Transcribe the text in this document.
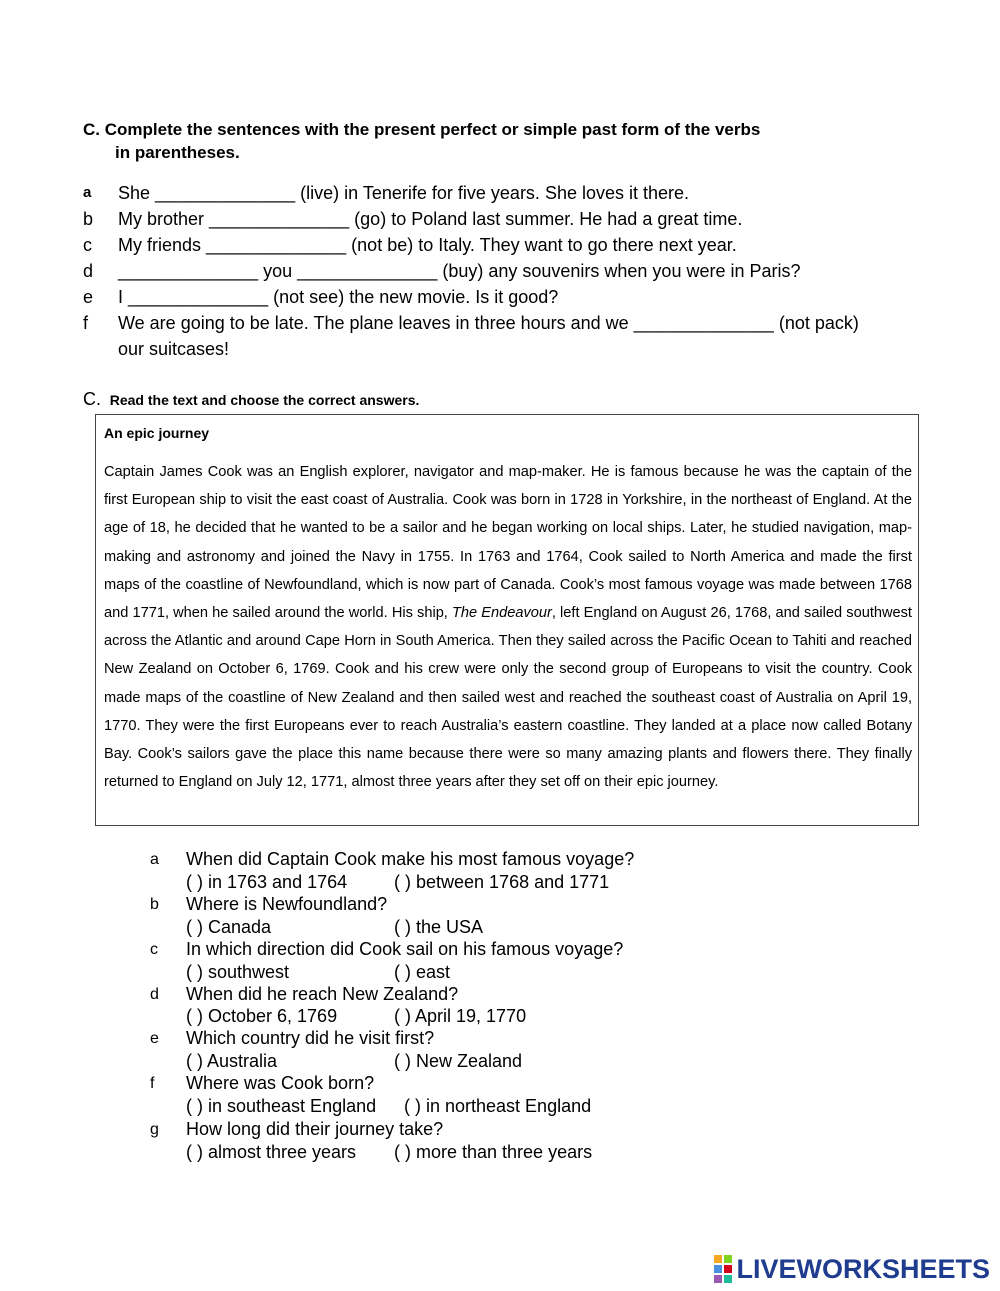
C. Complete the sentences with the present perfect or simple past form of the verbs
in parentheses.
a	She ______________ (live) in Tenerife for five years. She loves it there.
b	My brother ______________ (go) to Poland last summer. He had a great time.
c	My friends ______________ (not be) to Italy. They want to go there next year.
d	______________ you ______________ (buy) any souvenirs when you were in Paris?
e	I ______________ (not see) the new movie. Is it good?
f	We are going to be late. The plane leaves in three hours and we ______________ (not pack) our suitcases!
C. Read the text and choose the correct answers.
An epic journey
Captain James Cook was an English explorer, navigator and map-maker. He is famous because he was the captain of the first European ship to visit the east coast of Australia. Cook was born in 1728 in Yorkshire, in the northeast of England. At the age of 18, he decided that he wanted to be a sailor and he began working on local ships. Later, he studied navigation, map-making and astronomy and joined the Navy in 1755. In 1763 and 1764, Cook sailed to North America and made the first maps of the coastline of Newfoundland, which is now part of Canada. Cook’s most famous voyage was made between 1768 and 1771, when he sailed around the world. His ship, The Endeavour, left England on August 26, 1768, and sailed southwest across the Atlantic and around Cape Horn in South America. Then they sailed across the Pacific Ocean to Tahiti and reached New Zealand on October 6, 1769. Cook and his crew were only the second group of Europeans to visit the country. Cook made maps of the coastline of New Zealand and then sailed west and reached the southeast coast of Australia on April 19, 1770. They were the first Europeans ever to reach Australia’s eastern coastline. They landed at a place now called Botany Bay. Cook’s sailors gave the place this name because there were so many amazing plants and flowers there. They finally returned to England on July 12, 1771, almost three years after they set off on their epic journey.
a When did Captain Cook make his most famous voyage?
( ) in 1763 and 1764	( ) between 1768 and 1771
b Where is Newfoundland?
( ) Canada	( ) the USA
c In which direction did Cook sail on his famous voyage?
( ) southwest	( ) east
d When did he reach New Zealand?
( ) October 6, 1769	( ) April 19, 1770
e Which country did he visit first?
( ) Australia	( ) New Zealand
f Where was Cook born?
( ) in southeast England ( ) in northeast England
g How long did their journey take?
( ) almost three years ( ) more than three years
LIVEWORKSHEETS
